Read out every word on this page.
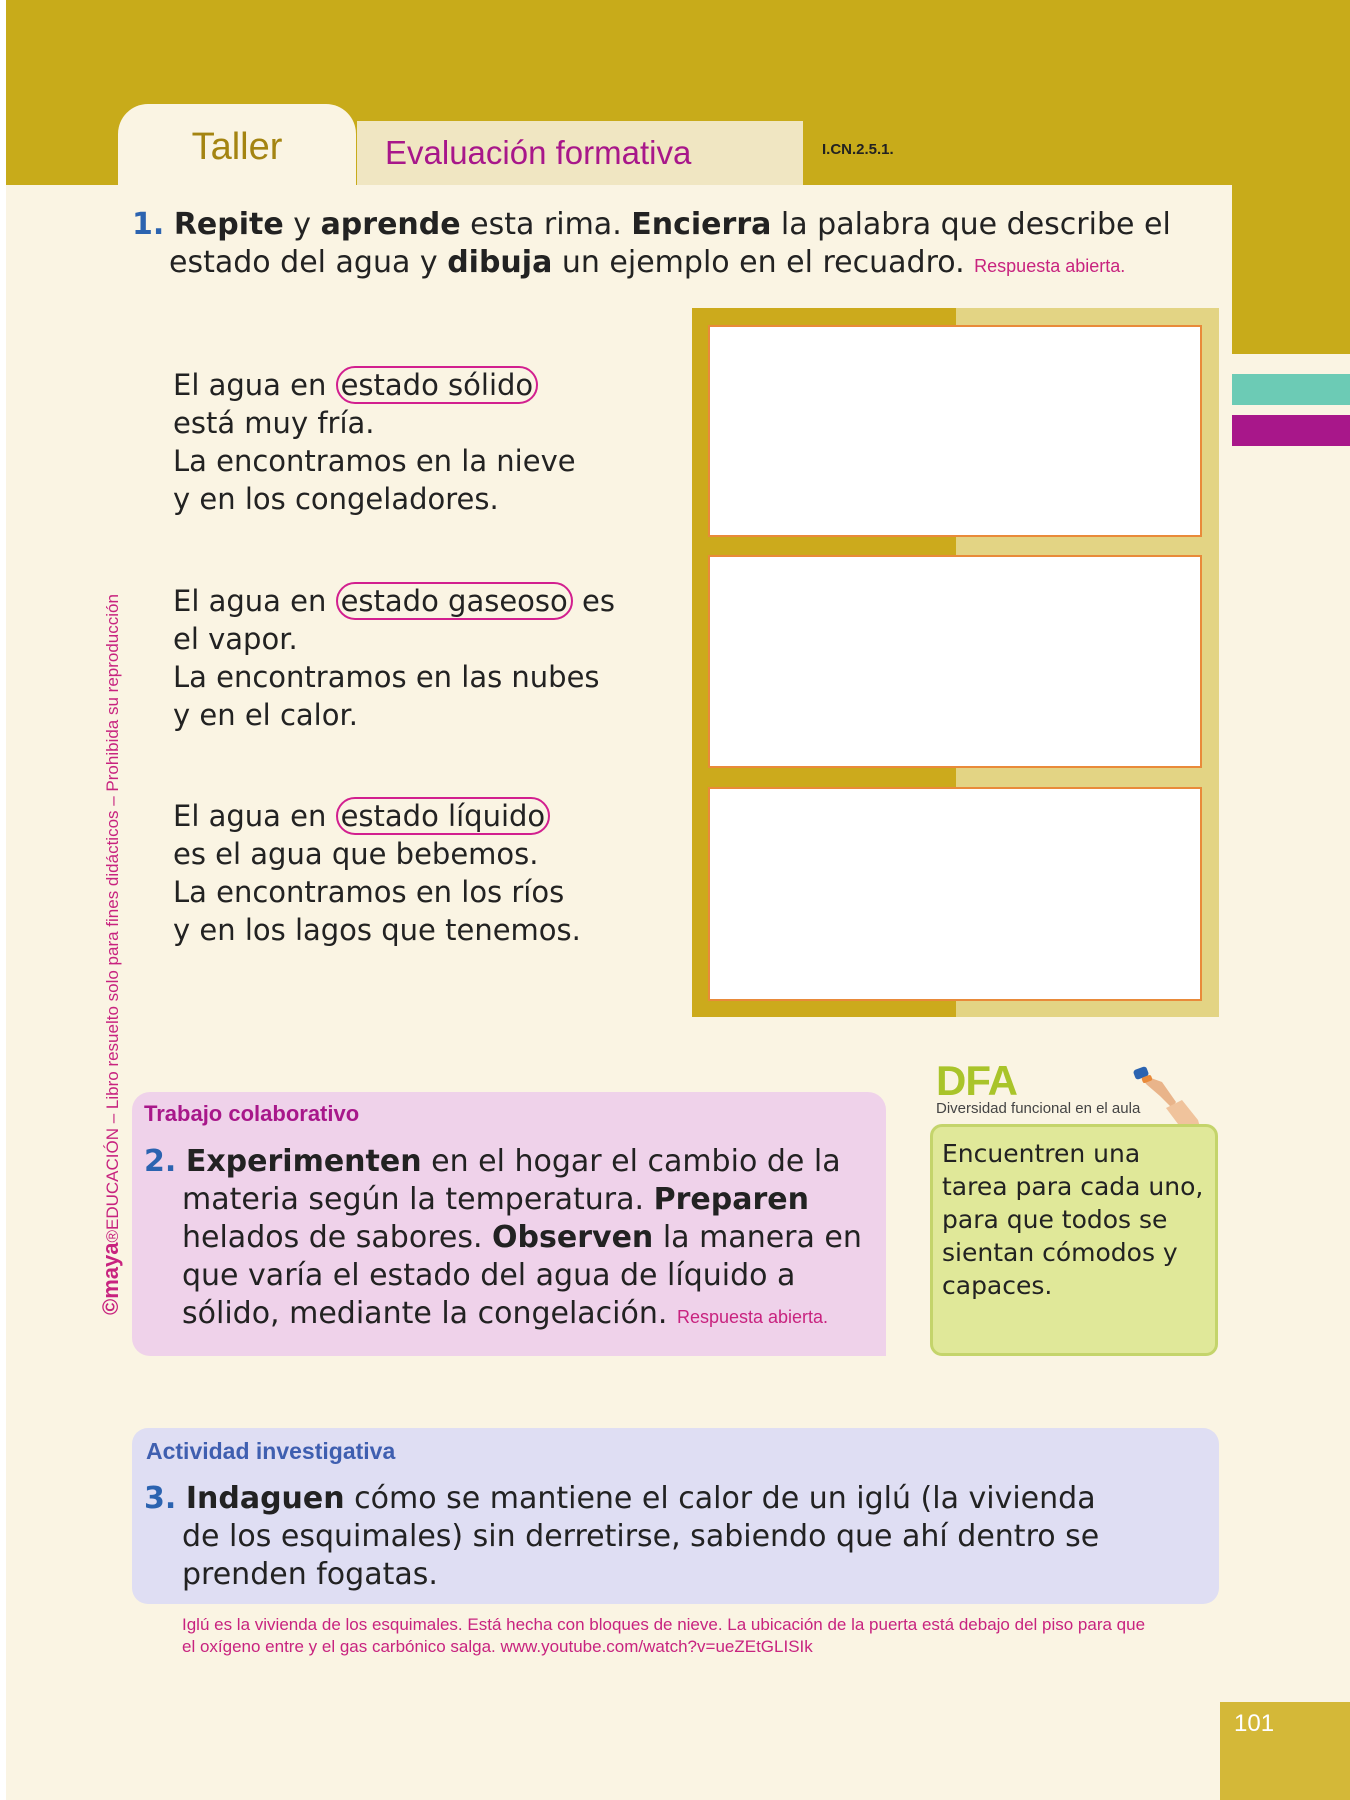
Taller	Evaluación formativa	I.CN.2.5.1.
©maya®EDUCACIÓN – Libro resuelto solo para fines didácticos – Prohibida su reproducción
1. Repite y aprende esta rima. Encierra la palabra que describe el
estado del agua y dibuja un ejemplo en el recuadro. Respuesta abierta.
El agua en estado sólido
está muy fría.
La encontramos en la nieve
y en los congeladores.
El agua en estado gaseoso es
el vapor.
La encontramos en las nubes
y en el calor.
El agua en estado líquido
es el agua que bebemos.
La encontramos en los ríos
y en los lagos que tenemos.
Trabajo colaborativo
2. Experimenten en el hogar el cambio de la
materia según la temperatura. Preparen
helados de sabores. Observen la manera en
que varía el estado del agua de líquido a
sólido, mediante la congelación. Respuesta abierta.
DFA
Diversidad funcional en el aula
Encuentren una tarea para cada uno, para que todos se sientan cómodos y capaces.
Actividad investigativa
3. Indaguen cómo se mantiene el calor de un iglú (la vivienda
de los esquimales) sin derretirse, sabiendo que ahí dentro se
prenden fogatas.
Iglú es la vivienda de los esquimales. Está hecha con bloques de nieve. La ubicación de la puerta está debajo del piso para que
el oxígeno entre y el gas carbónico salga. www.youtube.com/watch?v=ueZEtGLISIk
101
